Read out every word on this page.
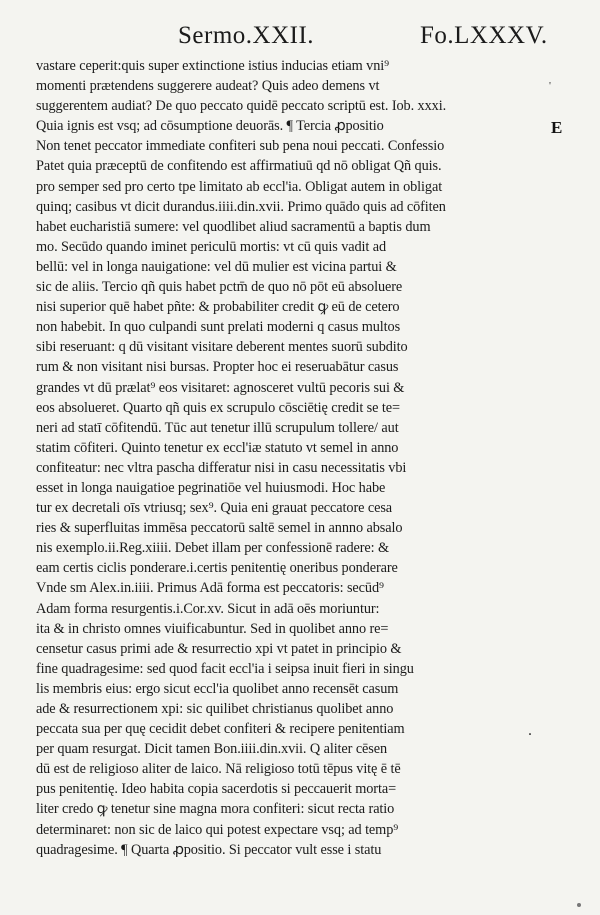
Sermo.XXII.	Fo.LXXXV.
'
E
.
vastare ceperit:quis super extinctione istius inducias etiam vni⁹
momenti prætendens suggerere audeat? Quis adeo demens vt
suggerentem audiat? De quo peccato quidē peccato scriptū est. Iob. xxxi.
Quia ignis est vsq; ad cōsumptione deuorās. ¶ Tercia ꝓpositio
Non tenet peccator immediate confiteri sub pena noui peccati. Confessio
Patet quia præceptū de confitendo est affirmatiuū qd nō obligat Qñ quis.
pro semper sed pro certo tpe limitato ab eccl'ia. Obligat autem in obligat
quinq; casibus vt dicit durandus.iiii.din.xvii. Primo quādo quis ad cōfiten
habet eucharistiā sumere: vel quodlibet aliud sacramentū a baptis dum
mo. Secūdo quando iminet periculū mortis: vt cū quis vadit ad
bellū: vel in longa nauigatione: vel dū mulier est vicina partui &
sic de aliis. Tercio qñ quis habet pctm̄ de quo nō pōt eū absoluere
nisi superior quē habet pñte: & probabiliter credit ꝙ eū de cetero
non habebit. In quo culpandi sunt prelati moderni q casus multos
sibi reseruant: q dū visitant visitare deberent mentes suorū subdito
rum & non visitant nisi bursas. Propter hoc ei reseruabātur casus
grandes vt dū prælat⁹ eos visitaret: agnosceret vultū pecoris sui &
eos absolueret. Quarto qñ quis ex scrupulo cōsciētię credit se te=
neri ad statī cōfitendū. Tūc aut tenetur illū scrupulum tollere/ aut
statim cōfiteri. Quinto tenetur ex eccl'iæ statuto vt semel in anno
confiteatur: nec vltra pascha differatur nisi in casu necessitatis vbi
esset in longa nauigatioe pegrinatiōe vel huiusmodi. Hoc habe
tur ex decretali oīs vtriusq; sex⁹. Quia eni grauat peccatore cesa
ries & superfluitas immēsa peccatorū saltē semel in annno absalo
nis exemplo.ii.Reg.xiiii. Debet illam per confessionē radere: &
eam certis ciclis ponderare.i.certis penitentię oneribus ponderare
Vnde sm Alex.in.iiii. Primus Adā forma est peccatoris: secūd⁹
Adam forma resurgentis.i.Cor.xv. Sicut in adā oēs moriuntur:
ita & in christo omnes viuificabuntur. Sed in quolibet anno re=
censetur casus primi ade & resurrectio xpi vt patet in principio &
fine quadragesime: sed quod facit eccl'ia i seipsa inuit fieri in singu
lis membris eius: ergo sicut eccl'ia quolibet anno recensēt casum
ade & resurrectionem xpi: sic quilibet christianus quolibet anno
peccata sua per quę cecidit debet confiteri & recipere penitentiam
per quam resurgat. Dicit tamen Bon.iiii.din.xvii. Q aliter cēsen
dū est de religioso aliter de laico. Nā religioso totū tēpus vitę ē tē
pus penitentię. Ideo habita copia sacerdotis si peccauerit morta=
liter credo ꝙ tenetur sine magna mora confiteri: sicut recta ratio
determinaret: non sic de laico qui potest expectare vsq; ad temp⁹
quadragesime. ¶ Quarta ꝓpositio. Si peccator vult esse i statu
